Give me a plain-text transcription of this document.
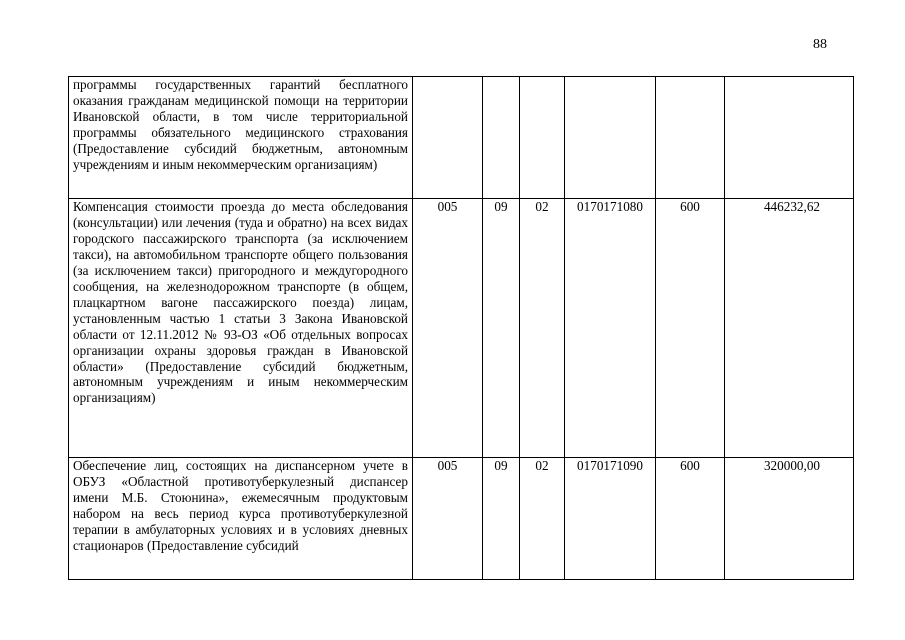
88
программы государственных гарантий бесплатного оказания гражданам медицинской помощи на территории Ивановской области, в том числе территориальной программы обязательного медицинского страхования (Предоставление субсидий бюджетным, автономным учреждениям и иным некоммерческим организациям)						
Компенсация стоимости проезда до места обследования (консультации) или лечения (туда и обратно) на всех видах городского пассажирского транспорта (за исключением такси), на автомобильном транспорте общего пользования (за исключением такси) пригородного и междугородного сообщения, на железнодорожном транспорте (в общем, плацкартном вагоне пассажирского поезда) лицам, установленным частью 1 статьи 3 Закона Ивановской области от 12.11.2012 № 93-ОЗ «Об отдельных вопросах организации охраны здоровья граждан в Ивановской области» (Предоставление субсидий бюджетным, автономным учреждениям и иным некоммерческим организациям)	005	09	02	0170171080	600	446232,62
Обеспечение лиц, состоящих на диспансерном учете в ОБУЗ «Областной противотуберкулезный диспансер имени М.Б. Стоюнина», ежемесячным продуктовым набором на весь период курса противотуберкулезной терапии в амбулаторных условиях и в условиях дневных стационаров (Предоставление субсидий	005	09	02	0170171090	600	320000,00
